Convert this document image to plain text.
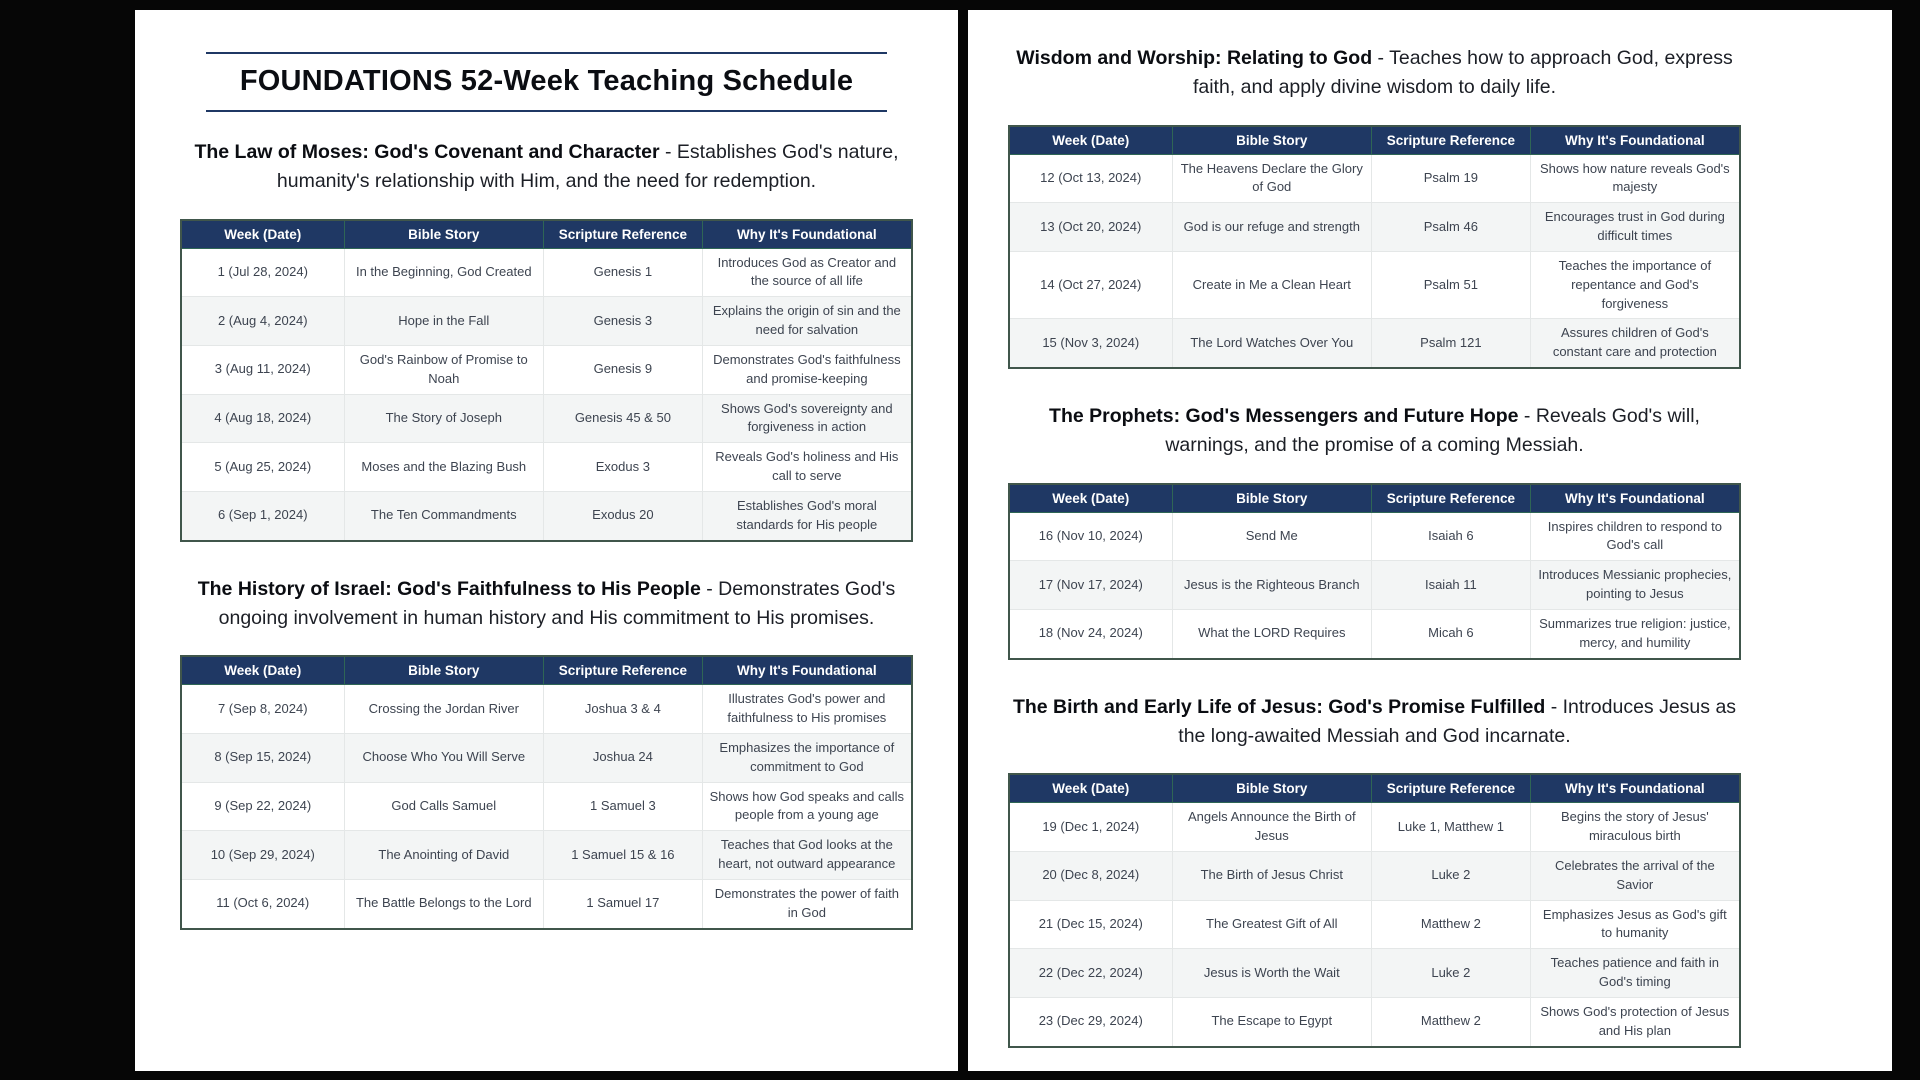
FOUNDATIONS 52-Week Teaching Schedule

The Law of Moses: God's Covenant and Character - Establishes God's nature, humanity's relationship with Him, and the need for redemption.

Week (Date)	Bible Story	Scripture Reference	Why It's Foundational
1 (Jul 28, 2024)	In the Beginning, God Created	Genesis 1	Introduces God as Creator and the source of all life
2 (Aug 4, 2024)	Hope in the Fall	Genesis 3	Explains the origin of sin and the need for salvation
3 (Aug 11, 2024)	God's Rainbow of Promise to Noah	Genesis 9	Demonstrates God's faithfulness and promise-keeping
4 (Aug 18, 2024)	The Story of Joseph	Genesis 45 & 50	Shows God's sovereignty and forgiveness in action
5 (Aug 25, 2024)	Moses and the Blazing Bush	Exodus 3	Reveals God's holiness and His call to serve
6 (Sep 1, 2024)	The Ten Commandments	Exodus 20	Establishes God's moral standards for His people

The History of Israel: God's Faithfulness to His People - Demonstrates God's ongoing involvement in human history and His commitment to His promises.

Week (Date)	Bible Story	Scripture Reference	Why It's Foundational
7 (Sep 8, 2024)	Crossing the Jordan River	Joshua 3 & 4	Illustrates God's power and faithfulness to His promises
8 (Sep 15, 2024)	Choose Who You Will Serve	Joshua 24	Emphasizes the importance of commitment to God
9 (Sep 22, 2024)	God Calls Samuel	1 Samuel 3	Shows how God speaks and calls people from a young age
10 (Sep 29, 2024)	The Anointing of David	1 Samuel 15 & 16	Teaches that God looks at the heart, not outward appearance
11 (Oct 6, 2024)	The Battle Belongs to the Lord	1 Samuel 17	Demonstrates the power of faith in God

Wisdom and Worship: Relating to God - Teaches how to approach God, express faith, and apply divine wisdom to daily life.

Week (Date)	Bible Story	Scripture Reference	Why It's Foundational
12 (Oct 13, 2024)	The Heavens Declare the Glory of God	Psalm 19	Shows how nature reveals God's majesty
13 (Oct 20, 2024)	God is our refuge and strength	Psalm 46	Encourages trust in God during difficult times
14 (Oct 27, 2024)	Create in Me a Clean Heart	Psalm 51	Teaches the importance of repentance and God's forgiveness
15 (Nov 3, 2024)	The Lord Watches Over You	Psalm 121	Assures children of God's constant care and protection

The Prophets: God's Messengers and Future Hope - Reveals God's will, warnings, and the promise of a coming Messiah.

Week (Date)	Bible Story	Scripture Reference	Why It's Foundational
16 (Nov 10, 2024)	Send Me	Isaiah 6	Inspires children to respond to God's call
17 (Nov 17, 2024)	Jesus is the Righteous Branch	Isaiah 11	Introduces Messianic prophecies, pointing to Jesus
18 (Nov 24, 2024)	What the LORD Requires	Micah 6	Summarizes true religion: justice, mercy, and humility

The Birth and Early Life of Jesus: God's Promise Fulfilled - Introduces Jesus as the long-awaited Messiah and God incarnate.

Week (Date)	Bible Story	Scripture Reference	Why It's Foundational
19 (Dec 1, 2024)	Angels Announce the Birth of Jesus	Luke 1, Matthew 1	Begins the story of Jesus' miraculous birth
20 (Dec 8, 2024)	The Birth of Jesus Christ	Luke 2	Celebrates the arrival of the Savior
21 (Dec 15, 2024)	The Greatest Gift of All	Matthew 2	Emphasizes Jesus as God's gift to humanity
22 (Dec 22, 2024)	Jesus is Worth the Wait	Luke 2	Teaches patience and faith in God's timing
23 (Dec 29, 2024)	The Escape to Egypt	Matthew 2	Shows God's protection of Jesus and His plan
